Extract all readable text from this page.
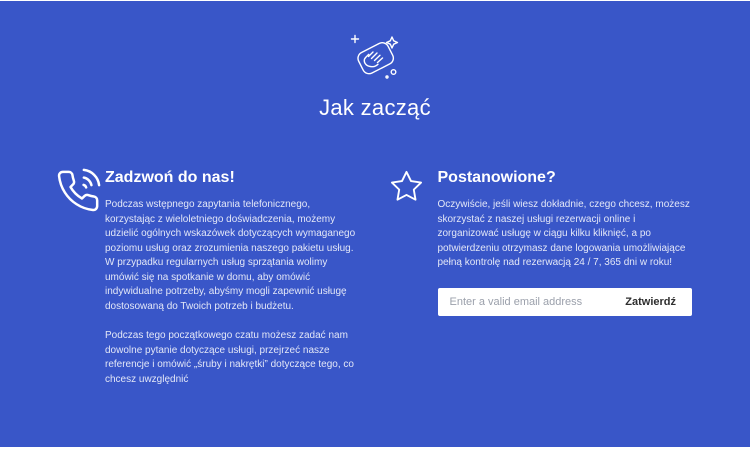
Jak zacząć
Zadzwoń do nas!

Podczas wstępnego zapytania telefonicznego, korzystając z wieloletniego doświadczenia, możemy udzielić ogólnych wskazówek dotyczących wymaganego poziomu usług oraz zrozumienia naszego pakietu usług. W przypadku regularnych usług sprzątania wolimy umówić się na spotkanie w domu, aby omówić indywidualne potrzeby, abyśmy mogli zapewnić usługę dostosowaną do Twoich potrzeb i budżetu.

Podczas tego początkowego czatu możesz zadać nam dowolne pytanie dotyczące usługi, przejrzeć nasze referencje i omówić „śruby i nakrętki” dotyczące tego, co chcesz uwzględnić

Postanowione?

Oczywiście, jeśli wiesz dokładnie, czego chcesz, możesz skorzystać z naszej usługi rezerwacji online i zorganizować usługę w ciągu kilku kliknięć, a po potwierdzeniu otrzymasz dane logowania umożliwiające pełną kontrolę nad rezerwacją 24 / 7, 365 dni w roku!

Enter a valid email address
Zatwierdź
